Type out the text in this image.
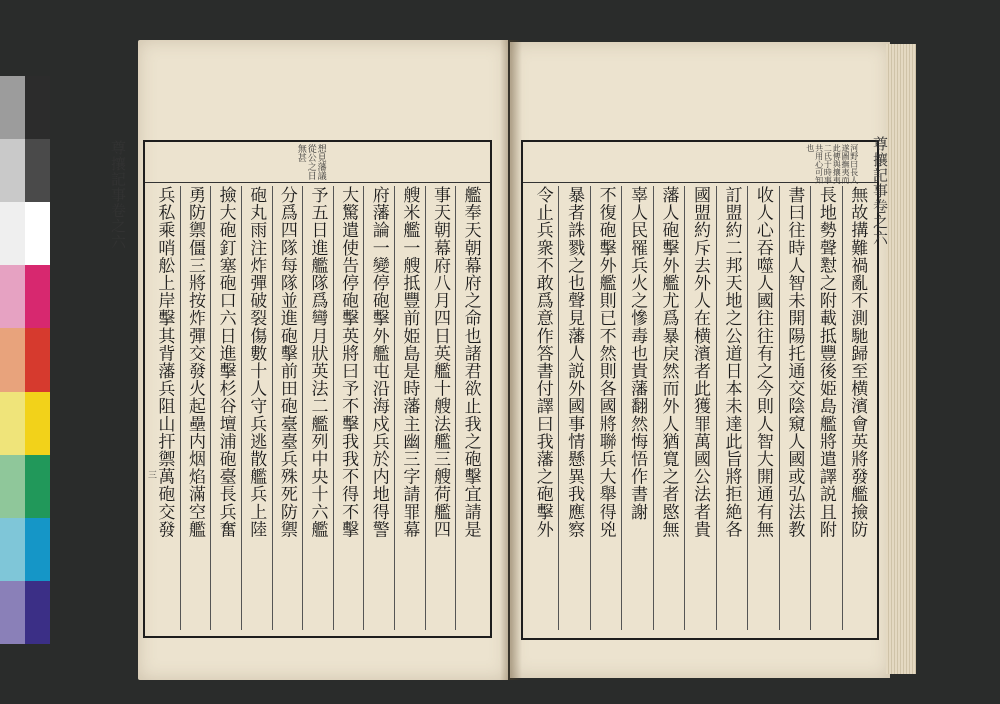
想見藩議從公之日無甚
艦奉天朝幕府之命也諸君欲止我之砲擊宜請是
事天朝幕府八月四日英艦十艘法艦三艘荷艦四
艘米艦一艘抵豐前姫島是時藩主幽三字請罪幕
府藩論一變停砲擊外艦屯沿海戍兵於内地得警
大驚遣使告停砲擊英將曰予不擊我我不得不擊
予五日進艦隊爲彎月狀英法二艦列中央十六艦
分爲四隊每隊並進砲擊前田砲臺臺兵殊死防禦
砲丸雨注炸彈破裂傷數十人守兵逃散艦兵上陸
撿大砲釘塞砲口六日進擊杉谷壇浦砲臺長兵奮
勇防禦僵三將按炸彈交發火起壘内烟焰滿空艦
兵私乘哨舩上岸擊其背藩兵阻山扞禦萬砲交發
尊攘記事卷之六
三
河野曰長人遂圖撫夷而此傳與攘夷二氏于時事共用心可知也
無故搆難禍亂不測馳歸至横濱會英將發艦撿防
長地勢聲懟之附載抵豐後姫島艦將遣譯説且附
書曰往時人智未開陽托通交陰窺人國或弘法教
收人心吞噬人國往往有之今則人智大開通有無
訂盟約二邦天地之公道日本未達此旨將拒絶各
國盟約斥去外人在横濱者此獲罪萬國公法者貴
藩人砲擊外艦尤爲暴戾然而外人猶寬之者愍無
辜人民罹兵火之慘毒也貴藩翻然悔悟作書謝
不復砲擊外艦則已不然則各國將聯兵大舉得兇
暴者誅戮之也聲見藩人説外國事情懸異我應察
令止兵衆不敢爲意作答書付譯曰我藩之砲擊外
尊攘記事卷之六
